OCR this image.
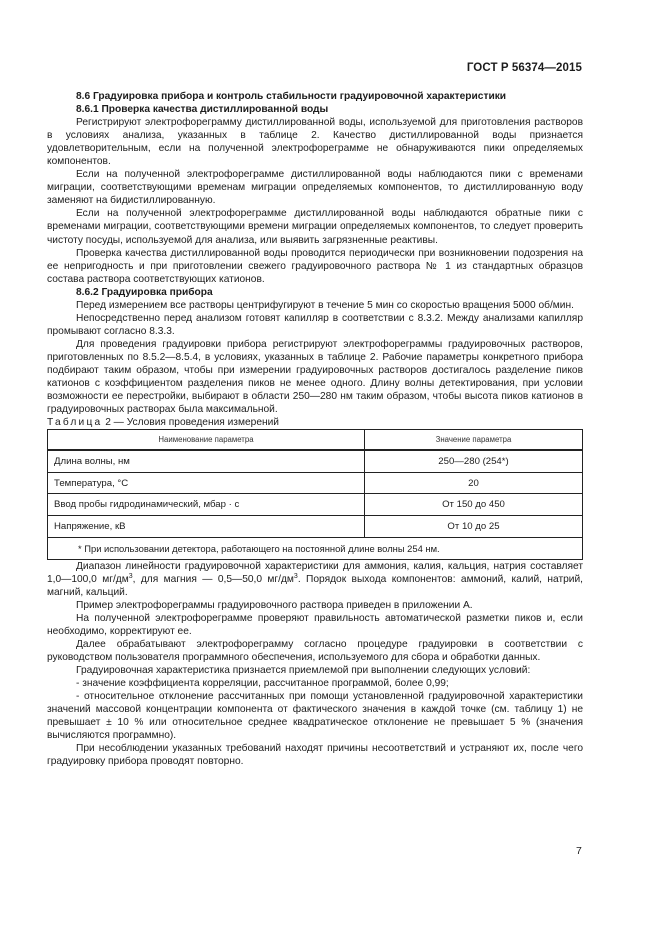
ГОСТ Р 56374—2015

8.6 Градуировка прибора и контроль стабильности градуировочной характеристики

8.6.1 Проверка качества дистиллированной воды

Регистрируют электрофореграмму дистиллированной воды, используемой для приготовления растворов в условиях анализа, указанных в таблице 2. Качество дистиллированной воды признается удовлетворительным, если на полученной электрофореграмме не обнаруживаются пики определяемых компонентов.

Если на полученной электрофореграмме дистиллированной воды наблюдаются пики с временами миграции, соответствующими временам миграции определяемых компонентов, то дистиллированную воду заменяют на бидистиллированную.

Если на полученной электрофореграмме дистиллированной воды наблюдаются обратные пики с временами миграции, соответствующими времени миграции определяемых компонентов, то следует проверить чистоту посуды, используемой для анализа, или выявить загрязненные реактивы.

Проверка качества дистиллированной воды проводится периодически при возникновении подозрения на ее непригодность и при приготовлении свежего градуировочного раствора № 1 из стандартных образцов состава раствора соответствующих катионов.

8.6.2 Градуировка прибора

Перед измерением все растворы центрифугируют в течение 5 мин со скоростью вращения 5000 об/мин.

Непосредственно перед анализом готовят капилляр в соответствии с 8.3.2. Между анализами капилляр промывают согласно 8.3.3.

Для проведения градуировки прибора регистрируют электрофореграммы градуировочных растворов, приготовленных по 8.5.2—8.5.4, в условиях, указанных в таблице 2. Рабочие параметры конкретного прибора подбирают таким образом, чтобы при измерении градуировочных растворов достигалось разделение пиков катионов с коэффициентом разделения пиков не менее одного. Длину волны детектирования, при условии возможности ее перестройки, выбирают в области 250—280 нм таким образом, чтобы высота пиков катионов в градуировочных растворах была максимальной.

Таблица 2 — Условия проведения измерений

Наименование параметра	Значение параметра
Длина волны, нм	250—280 (254*)
Температура, °С	20
Ввод пробы гидродинамический, мбар · с	От 150 до 450
Напряжение, кВ	От 10 до 25
* При использовании детектора, работающего на постоянной длине волны 254 нм.	

Диапазон линейности градуировочной характеристики для аммония, калия, кальция, натрия составляет 1,0—100,0 $мг/дм^3$, для магния — 0,5—50,0 $мг/дм^3$. Порядок выхода компонентов: аммоний, калий, натрий, магний, кальций.

Пример электрофореграммы градуировочного раствора приведен в приложении А.

На полученной электрофореграмме проверяют правильность автоматической разметки пиков и, если необходимо, корректируют ее.

Далее обрабатывают электрофореграмму согласно процедуре градуировки в соответствии с руководством пользователя программного обеспечения, используемого для сбора и обработки данных.

Градуировочная характеристика признается приемлемой при выполнении следующих условий:

- значение коэффициента корреляции, рассчитанное программой, более 0,99;

- относительное отклонение рассчитанных при помощи установленной градуировочной характеристики значений массовой концентрации компонента от фактического значения в каждой точке (см. таблицу 1) не превышает ± 10 % или относительное среднее квадратическое отклонение не превышает 5 % (значения вычисляются программно).

При несоблюдении указанных требований находят причины несоответствий и устраняют их, после чего градуировку прибора проводят повторно.

7
